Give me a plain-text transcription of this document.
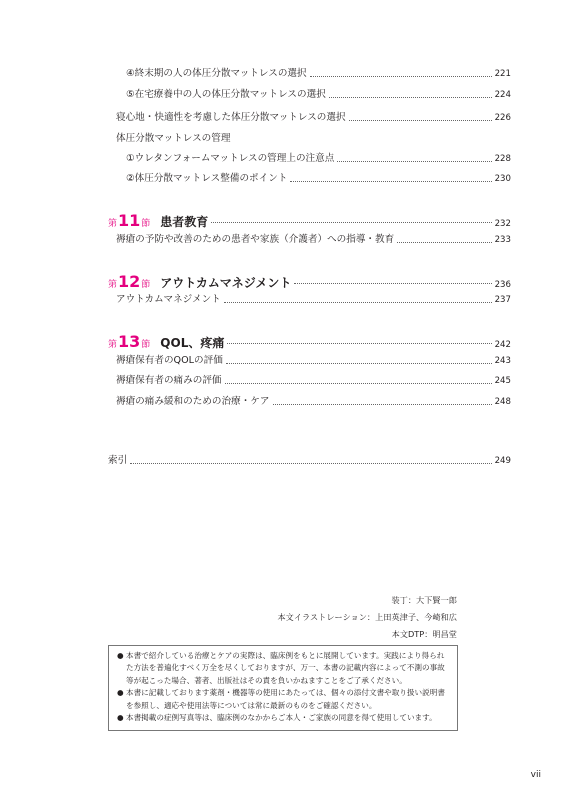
④終末期の人の体圧分散マットレスの選択	221
⑤在宅療養中の人の体圧分散マットレスの選択	224
寝心地・快適性を考慮した体圧分散マットレスの選択	226
体圧分散マットレスの管理
①ウレタンフォームマットレスの管理上の注意点	228
②体圧分散マットレス整備のポイント	230
第 11 節 患者教育	232
褥瘡の予防や改善のための患者や家族（介護者）への指導・教育	233
第 12 節 アウトカムマネジメント	236
アウトカムマネジメント	237
第 13 節 QOL、疼痛	242
褥瘡保有者のQOLの評価	243
褥瘡保有者の痛みの評価	245
褥瘡の痛み緩和のための治療・ケア	248
索引	249
装丁：大下賢一郎
本文イラストレーション：上田英津子、今崎和広
本文DTP：明昌堂
● 本書で紹介している治療とケアの実際は、臨床例をもとに展開しています。実践により得られた方法を普遍化すべく万全を尽くしておりますが、万一、本書の記載内容によって不測の事故等が起こった場合、著者、出版社はその責を負いかねますことをご了承ください。
● 本書に記載しております薬剤・機器等の使用にあたっては、個々の添付文書や取り扱い説明書を参照し、適応や使用法等については常に最新のものをご確認ください。
● 本書掲載の症例写真等は、臨床例のなかからご本人・ご家族の同意を得て使用しています。
vii
